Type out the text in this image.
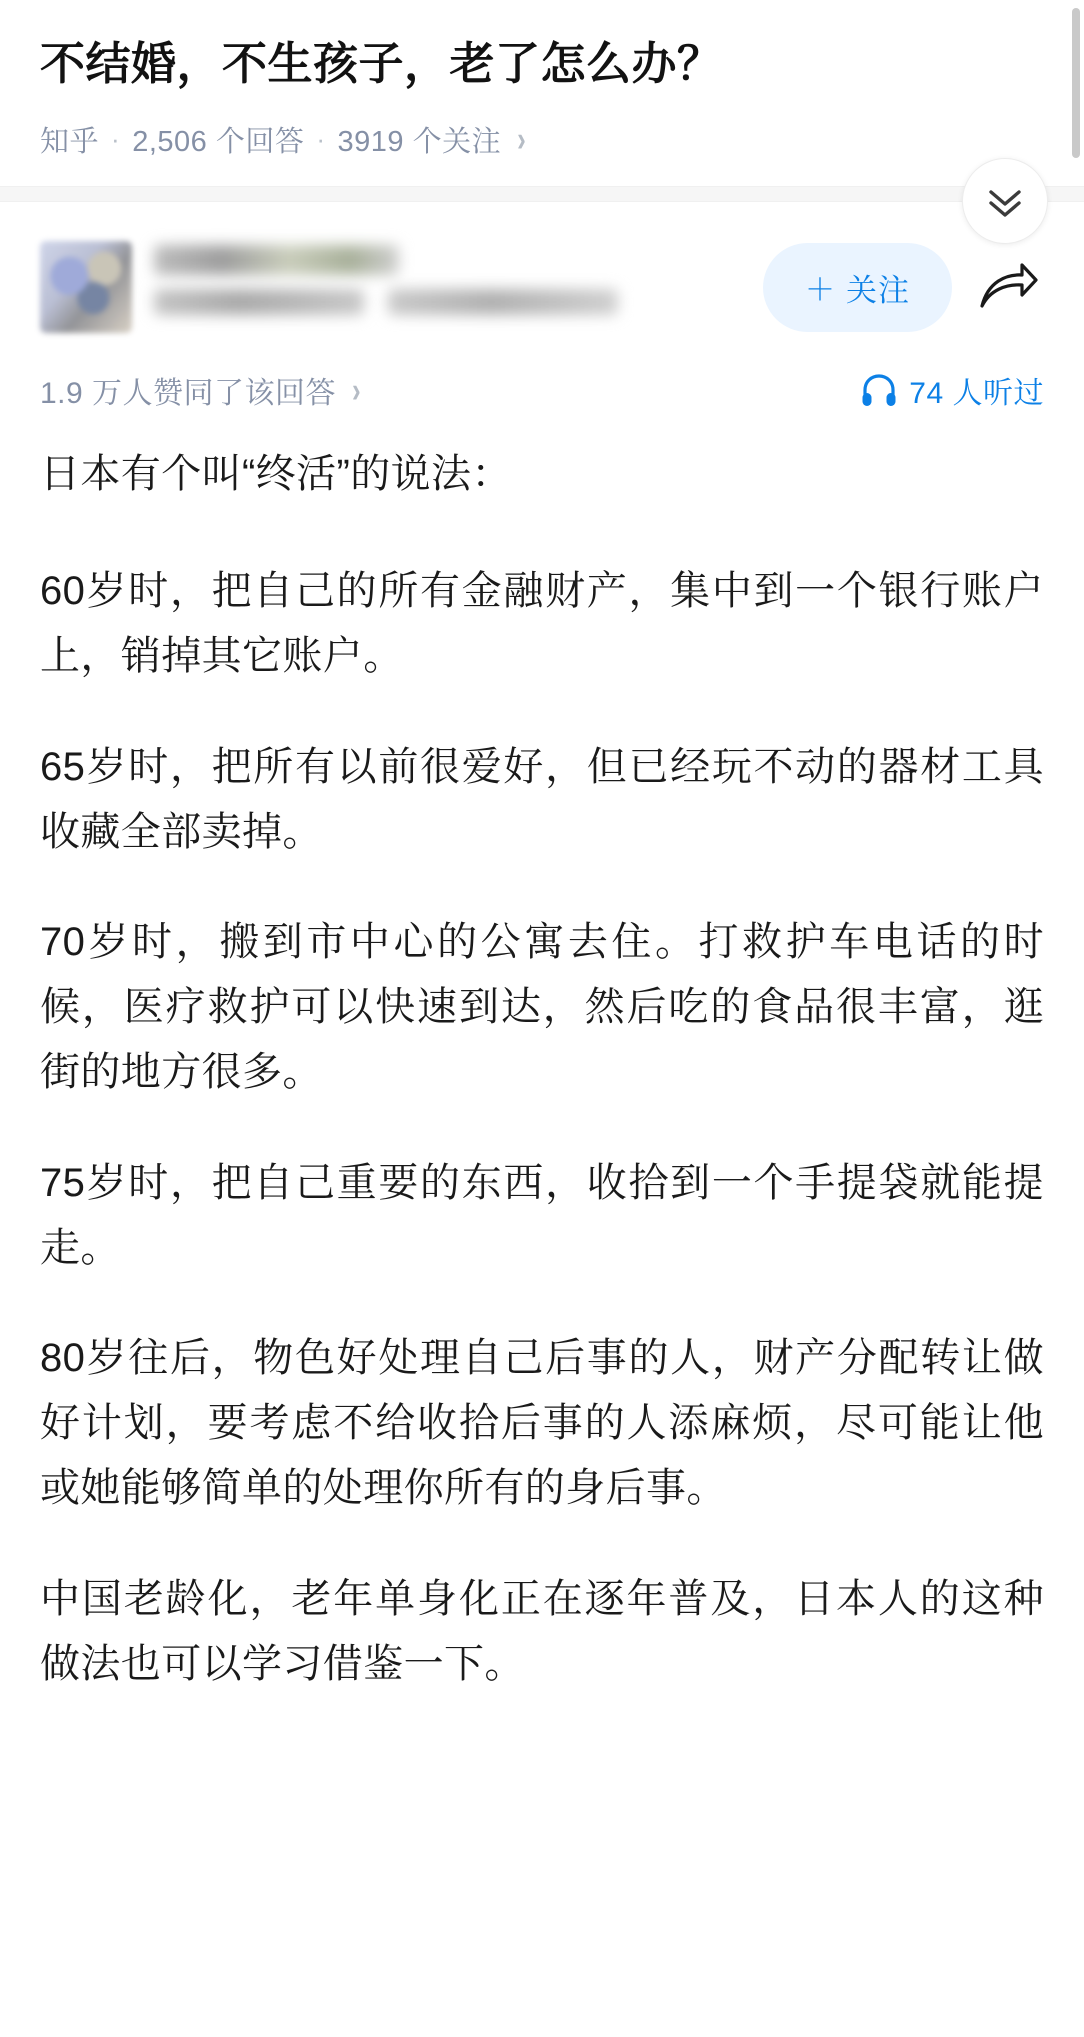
不结婚，不生孩子，老了怎么办？
知乎 · 2,506 个回答 · 3919 个关注 ›
＋ 关注
1.9 万人赞同了该回答 ›	74 人听过

日本有个叫“终活”的说法：

60岁时，把自己的所有金融财产，集中到一个银行账户上，销掉其它账户。

65岁时，把所有以前很爱好，但已经玩不动的器材工具收藏全部卖掉。

70岁时，搬到市中心的公寓去住。打救护车电话的时候，医疗救护可以快速到达，然后吃的食品很丰富，逛街的地方很多。

75岁时，把自己重要的东西，收拾到一个手提袋就能提走。

80岁往后，物色好处理自己后事的人，财产分配转让做好计划，要考虑不给收拾后事的人添麻烦，尽可能让他或她能够简单的处理你所有的身后事。

中国老龄化，老年单身化正在逐年普及，日本人的这种做法也可以学习借鉴一下。
